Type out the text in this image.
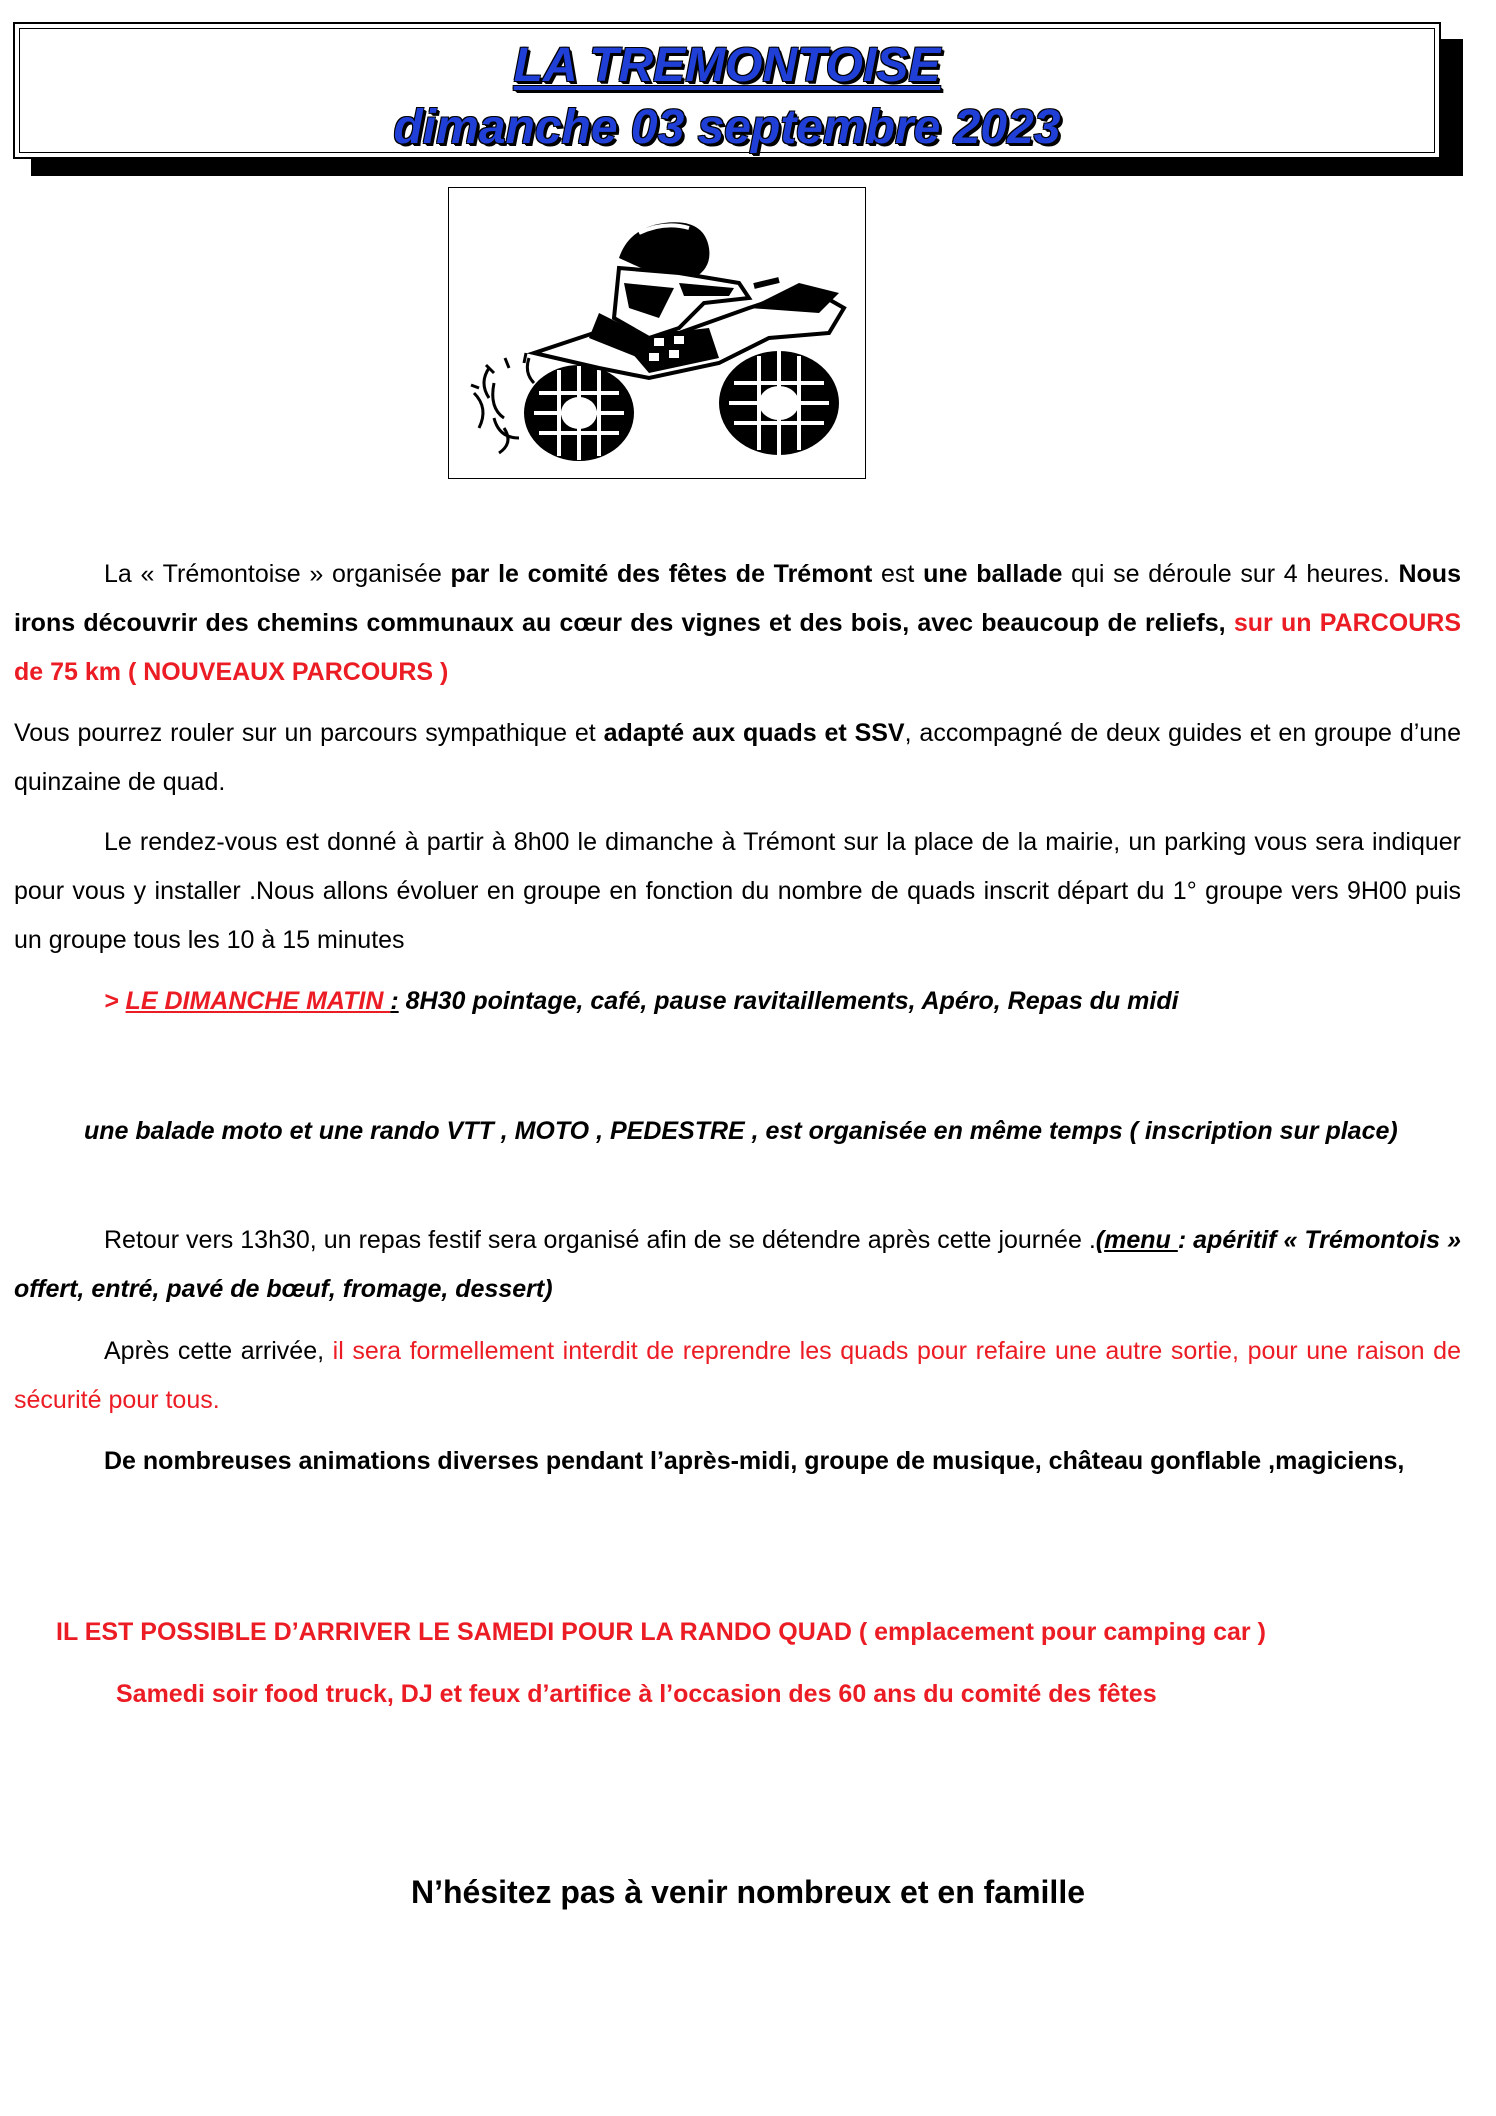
LA TREMONTOISE
dimanche 03 septembre 2023
La « Trémontoise » organisée par le comité des fêtes de Trémont est une ballade qui se déroule sur 4 heures. Nous irons découvrir des chemins communaux au cœur des vignes et des bois, avec beaucoup de reliefs, sur un PARCOURS de 75 km ( NOUVEAUX PARCOURS )
Vous pourrez rouler sur un parcours sympathique et adapté aux quads et SSV, accompagné de deux guides et en groupe d’une quinzaine de quad.
Le rendez-vous est donné à partir à 8h00 le dimanche à Trémont sur la place de la mairie, un parking vous sera indiquer pour vous y installer .Nous allons évoluer en groupe en fonction du nombre de quads inscrit départ du 1° groupe vers 9H00 puis un groupe tous les 10 à 15 minutes
> LE DIMANCHE MATIN : 8H30 pointage, café, pause ravitaillements, Apéro, Repas du midi
une balade moto et une rando VTT , MOTO , PEDESTRE , est organisée en même temps ( inscription sur place)
Retour vers 13h30, un repas festif sera organisé afin de se détendre après cette journée .(menu : apéritif « Trémontois » offert, entré, pavé de bœuf, fromage, dessert)
Après cette arrivée, il sera formellement interdit de reprendre les quads pour refaire une autre sortie, pour une raison de sécurité pour tous.
De nombreuses animations diverses pendant l’après-midi, groupe de musique, château gonflable ,magiciens,
IL EST POSSIBLE D’ARRIVER LE SAMEDI POUR LA RANDO QUAD ( emplacement pour camping car )
Samedi soir food truck, DJ et feux d’artifice à l’occasion des 60 ans du comité des fêtes
N’hésitez pas à venir nombreux et en famille
